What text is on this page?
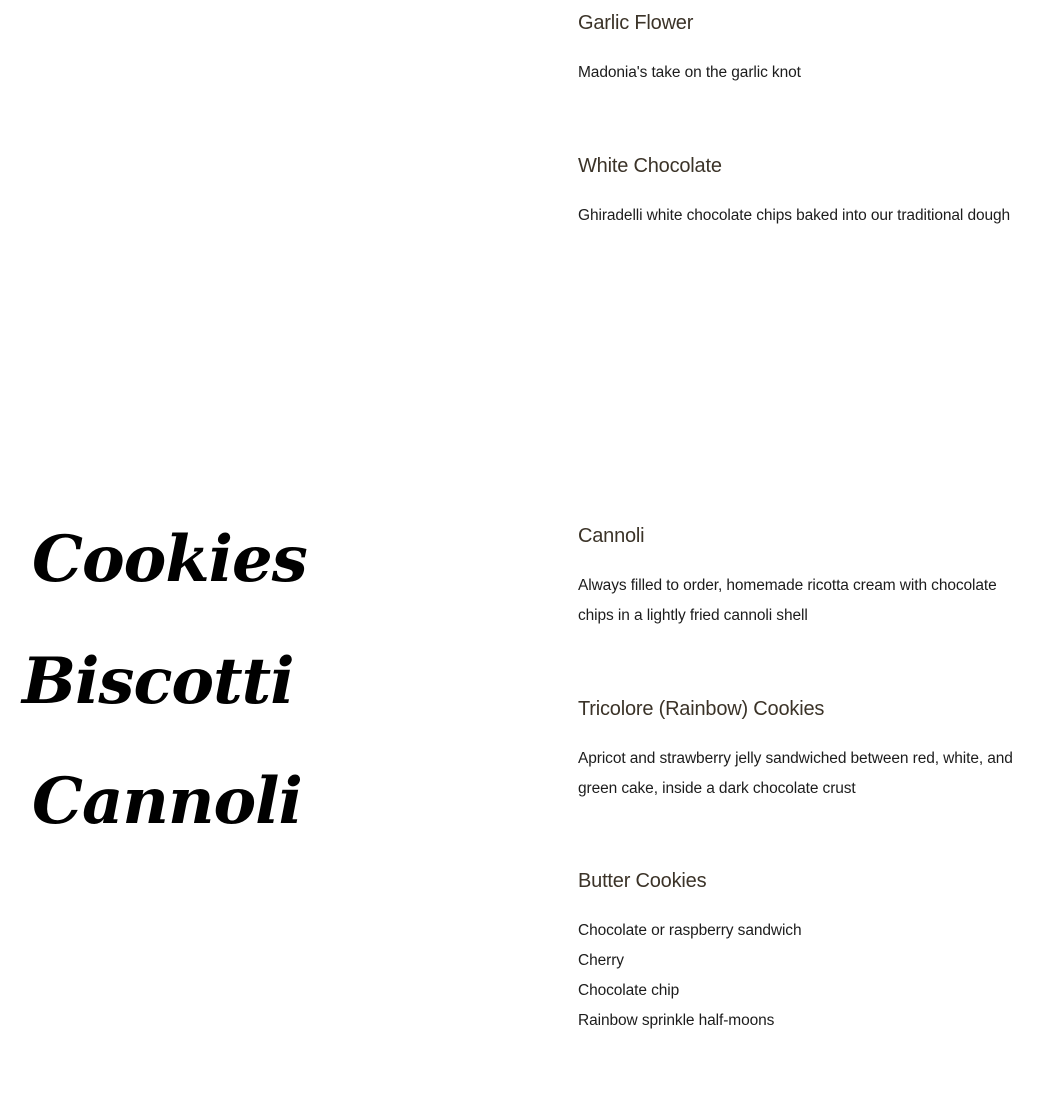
Garlic Flower

Madonia's take on the garlic knot

White Chocolate

Ghiradelli white chocolate chips baked into our traditional dough

Cookies
Biscotti
Cannoli
Cannoli

Always filled to order, homemade ricotta cream with chocolate chips in a lightly fried cannoli shell

Tricolore (Rainbow) Cookies

Apricot and strawberry jelly sandwiched between red, white, and green cake, inside a dark chocolate crust

Butter Cookies
Chocolate or raspberry sandwich
Cherry
Chocolate chip
Rainbow sprinkle half-moons
